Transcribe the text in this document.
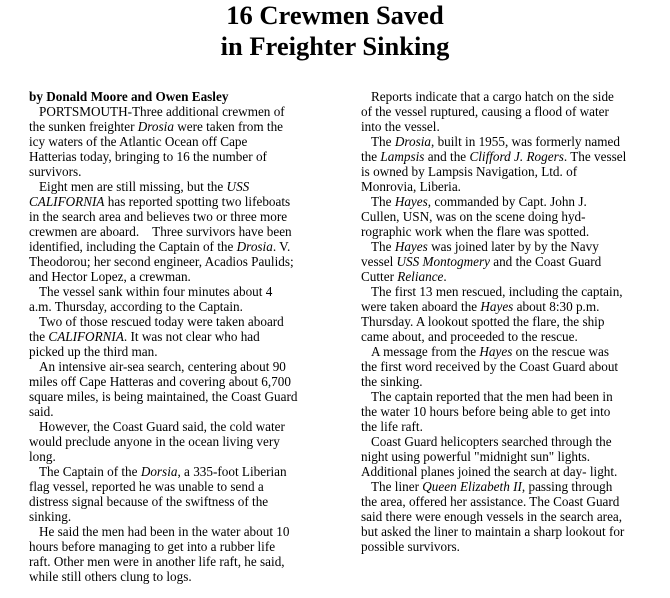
16 Crewmen Saved
in Freighter Sinking
by Donald Moore and Owen Easley
PORTSMOUTH-Three additional crewmen of
the sunken freighter Drosia were taken from the
icy waters of the Atlantic Ocean off Cape
Hatterias today, bringing to 16 the number of
survivors.
Eight men are still missing, but the USS
CALIFORNIA has reported spotting two lifeboats
in the search area and believes two or three more
crewmen are aboard.    Three survivors have been
identified, including the Captain of the Drosia. V.
Theodorou; her second engineer, Acadios Paulids;
and Hector Lopez, a crewman.
The vessel sank within four minutes about 4
a.m. Thursday, according to the Captain.
Two of those rescued today were taken aboard
the CALIFORNIA. It was not clear who had
picked up the third man.
An intensive air-sea search, centering about 90
miles off Cape Hatteras and covering about 6,700
square miles, is being maintained, the Coast Guard
said.
However, the Coast Guard said, the cold water
would preclude anyone in the ocean living very
long.
The Captain of the Dorsia, a 335-foot Liberian
flag vessel, reported he was unable to send a
distress signal because of the swiftness of the
sinking.
He said the men had been in the water about 10
hours before managing to get into a rubber life
raft. Other men were in another life raft, he said,
while still others clung to logs.
Reports indicate that a cargo hatch on the side
of the vessel ruptured, causing a flood of water
into the vessel.
The Drosia, built in 1955, was formerly named
the Lampsis and the Clifford J. Rogers. The vessel
is owned by Lampsis Navigation, Ltd. of
Monrovia, Liberia.
The Hayes, commanded by Capt. John J.
Cullen, USN, was on the scene doing hyd-
rographic work when the flare was spotted.
The Hayes was joined later by by the Navy
vessel USS Montogmery and the Coast Guard
Cutter Reliance.
The first 13 men rescued, including the captain,
were taken aboard the Hayes about 8:30 p.m.
Thursday. A lookout spotted the flare, the ship
came about, and proceeded to the rescue.
A message from the Hayes on the rescue was
the first word received by the Coast Guard about
the sinking.
The captain reported that the men had been in
the water 10 hours before being able to get into
the life raft.
Coast Guard helicopters searched through the
night using powerful "midnight sun" lights.
Additional planes joined the search at day- light.
The liner Queen Elizabeth II, passing through
the area, offered her assistance. The Coast Guard
said there were enough vessels in the search area,
but asked the liner to maintain a sharp lookout for
possible survivors.
